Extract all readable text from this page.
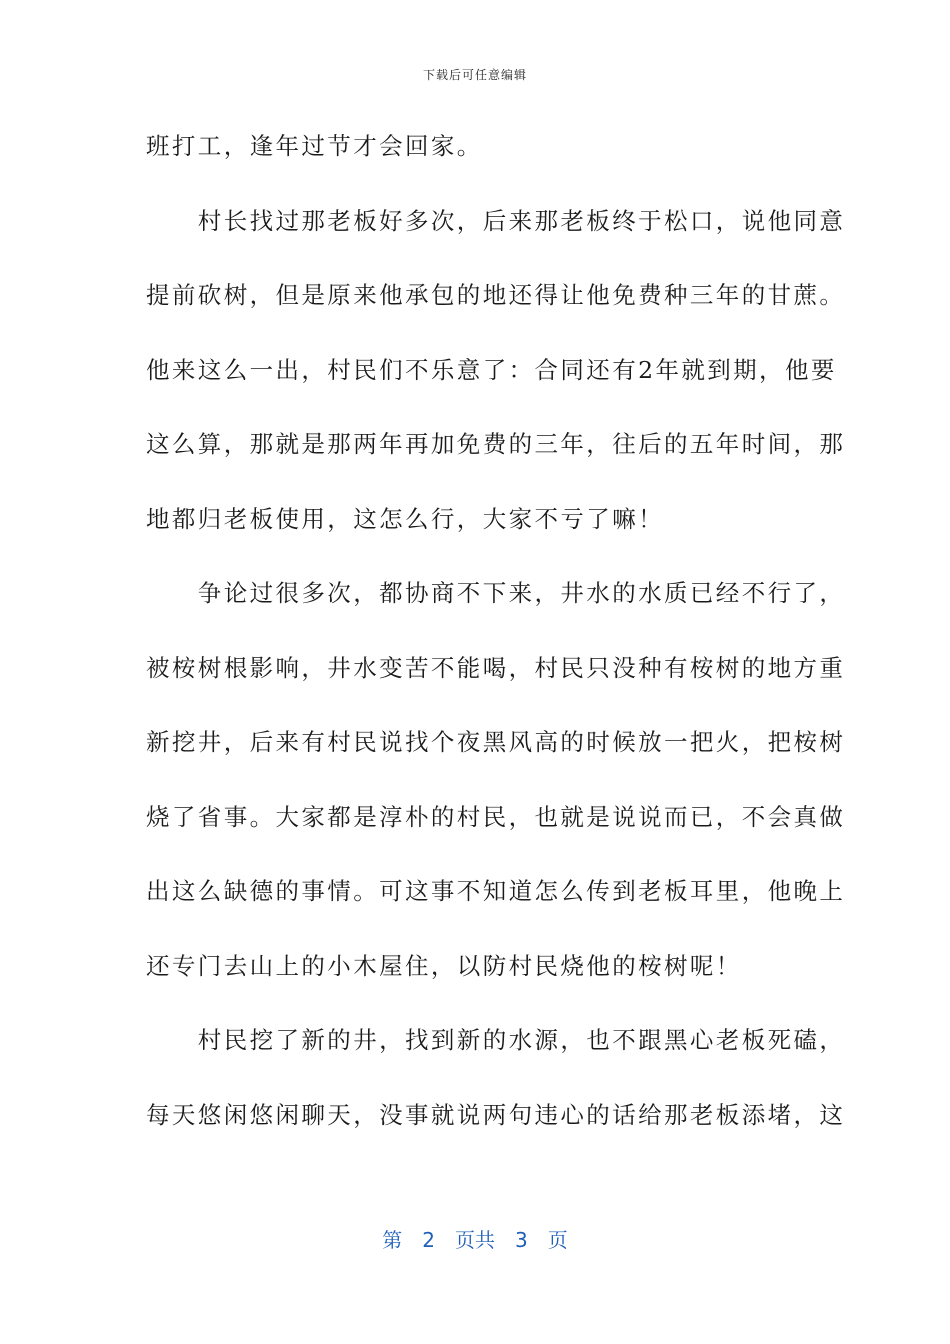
下载后可任意编辑
班打工，逢年过节才会回家。
　　村长找过那老板好多次，后来那老板终于松口，说他同意
提前砍树，但是原来他承包的地还得让他免费种三年的甘蔗。
他来这么一出，村民们不乐意了：合同还有2年就到期，他要
这么算，那就是那两年再加免费的三年，往后的五年时间，那
地都归老板使用，这怎么行，大家不亏了嘛！
　　争论过很多次，都协商不下来，井水的水质已经不行了，
被桉树根影响，井水变苦不能喝，村民只没种有桉树的地方重
新挖井，后来有村民说找个夜黑风高的时候放一把火，把桉树
烧了省事。大家都是淳朴的村民，也就是说说而已，不会真做
出这么缺德的事情。可这事不知道怎么传到老板耳里，他晚上
还专门去山上的小木屋住，以防村民烧他的桉树呢！
　　村民挖了新的井，找到新的水源，也不跟黑心老板死磕，
每天悠闲悠闲聊天，没事就说两句违心的话给那老板添堵，这
第　2　页共　3　页
